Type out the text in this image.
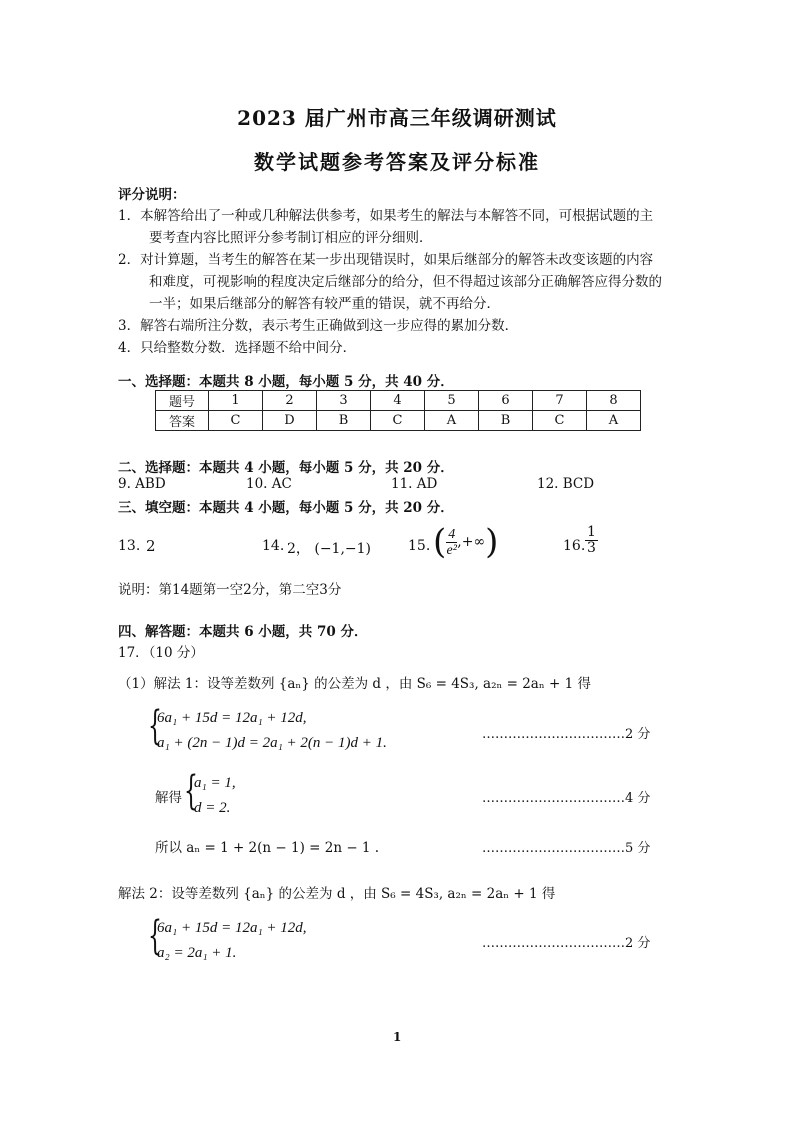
2023 届广州市高三年级调研测试
数学试题参考答案及评分标准
评分说明：
1．本解答给出了一种或几种解法供参考，如果考生的解法与本解答不同，可根据试题的主
要考查内容比照评分参考制订相应的评分细则．
2．对计算题，当考生的解答在某一步出现错误时，如果后继部分的解答未改变该题的内容
和难度，可视影响的程度决定后继部分的给分，但不得超过该部分正确解答应得分数的
一半；如果后继部分的解答有较严重的错误，就不再给分．
3．解答右端所注分数，表示考生正确做到这一步应得的累加分数．
4．只给整数分数．选择题不给中间分．
一、选择题：本题共 8 小题，每小题 5 分，共 40 分．
题号	1	2	3	4	5	6	7	8
答案	C	D	B	C	A	B	C	A
二、选择题：本题共 4 小题，每小题 5 分，共 20 分．
9. ABD	10. AC	11. AD	12. BCD
三、填空题：本题共 4 小题，每小题 5 分，共 20 分．
13. 2	14. 2， (−1,−1)	15. ( $\frac{4}{\text{e²}}$ ,+∞)	16. $\frac{1}{3}$
说明：第14题第一空2分，第二空3分
四、解答题：本题共 6 小题，共 70 分．
17．（10 分）
（1）解法 1：设等差数列 {aₙ} 的公差为 d ，由 S₆ = 4S₃, a₂ₙ = 2aₙ + 1 得
{
6a₁ + 15d = 12a₁ + 12d,
a₁ + (2n − 1)d = 2a₁ + 2(n − 1)d + 1.
……………………………2 分
解得 {
a₁ = 1,
d = 2.
……………………………4 分
所以 aₙ = 1 + 2(n − 1) = 2n − 1 .	……………………………5 分
解法 2：设等差数列 {aₙ} 的公差为 d ，由 S₆ = 4S₃, a₂ₙ = 2aₙ + 1 得
{
6a₁ + 15d = 12a₁ + 12d,
a₂ = 2a₁ + 1.
……………………………2 分
1
